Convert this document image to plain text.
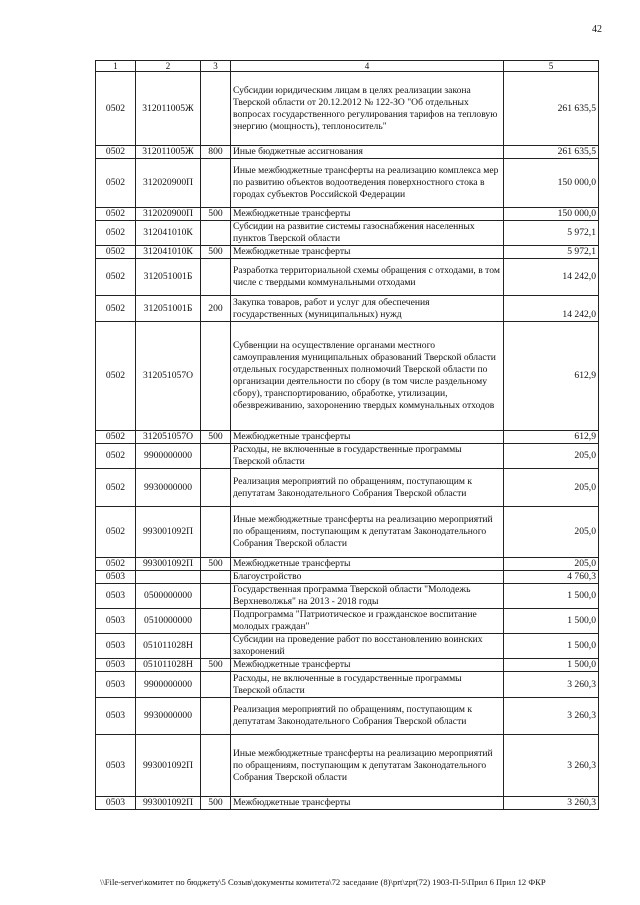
42
1	2	3	4	5
0502	312011005Ж		Субсидии юридическим лицам в целях реализации закона Тверской области от 20.12.2012 № 122-ЗО "Об отдельных вопросах государственного регулирования тарифов на тепловую энергию (мощность), теплоноситель"	261 635,5
0502	312011005Ж	800	Иные бюджетные ассигнования	261 635,5
0502	312020900П		Иные межбюджетные трансферты на реализацию комплекса мер по развитию объектов водоотведения поверхностного стока в городах субъектов Российской Федерации	150 000,0
0502	312020900П	500	Межбюджетные трансферты	150 000,0
0502	312041010К		Субсидии на развитие системы газоснабжения населенных пунктов Тверской области	5 972,1
0502	312041010К	500	Межбюджетные трансферты	5 972,1
0502	312051001Б		Разработка территориальной схемы обращения с отходами, в том числе с твердыми коммунальными отходами	14 242,0
0502	312051001Б	200	Закупка товаров, работ и услуг для обеспечения государственных (муниципальных) нужд	14 242,0
0502	312051057О		Субвенции на осуществление органами местного самоуправления муниципальных образований Тверской области отдельных государственных полномочий Тверской области по организации деятельности по сбору (в том числе раздельному сбору), транспортированию, обработке, утилизации, обезвреживанию, захоронению твердых коммунальных отходов	612,9
0502	312051057О	500	Межбюджетные трансферты	612,9
0502	9900000000		Расходы, не включенные в государственные программы Тверской области	205,0
0502	9930000000		Реализация мероприятий по обращениям, поступающим к депутатам Законодательного Собрания Тверской области	205,0
0502	993001092П		Иные межбюджетные трансферты на реализацию мероприятий по обращениям, поступающим к депутатам Законодательного Собрания Тверской области	205,0
0502	993001092П	500	Межбюджетные трансферты	205,0
0503			Благоустройство	4 760,3
0503	0500000000		Государственная программа Тверской области "Молодежь Верхневолжья" на 2013 - 2018 годы	1 500,0
0503	0510000000		Подпрограмма "Патриотическое и гражданское воспитание молодых граждан"	1 500,0
0503	051011028Н		Субсидии на проведение работ по восстановлению воинских захоронений	1 500,0
0503	051011028Н	500	Межбюджетные трансферты	1 500,0
0503	9900000000		Расходы, не включенные в государственные программы Тверской области	3 260,3
0503	9930000000		Реализация мероприятий по обращениям, поступающим к депутатам Законодательного Собрания Тверской области	3 260,3
0503	993001092П		Иные межбюджетные трансферты на реализацию мероприятий по обращениям, поступающим к депутатам Законодательного Собрания Тверской области	3 260,3
0503	993001092П	500	Межбюджетные трансферты	3 260,3
\\File-server\комитет по бюджету\5 Созыв\документы комитета\72 заседание (8)\prt\zpr(72) 1903-П-5\Прил 6 Прил 12 ФКР
